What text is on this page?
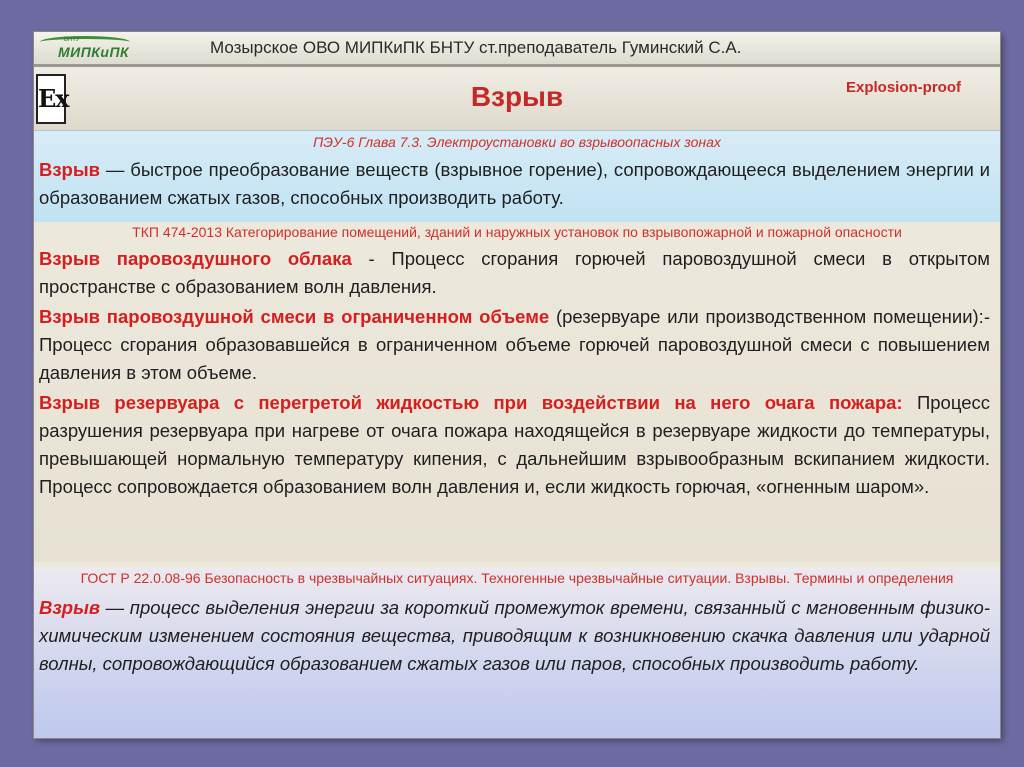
БНТУ
МИПКиПК	Мозырское ОВО МИПКиПК БНТУ ст.преподаватель Гуминский С.А.
Ex	Взрыв	Explosion-proof
ПЭУ-6 Глава 7.3. Электроустановки во взрывоопасных зонах
Взрыв — быстрое преобразование веществ (взрывное горение), сопровождающееся выделением энергии и образованием сжатых газов, способных производить работу.
ТКП 474-2013 Категорирование помещений, зданий и наружных установок по взрывопожарной и пожарной опасности

Взрыв паровоздушного облака - Процесс сгорания горючей паровоздушной смеси в открытом пространстве с образованием волн давления.

Взрыв паровоздушной смеси в ограниченном объеме (резервуаре или производственном помещении):-Процесс сгорания образовавшейся в ограниченном объеме горючей паровоздушной смеси с повышением давления в этом объеме.

Взрыв резервуара с перегретой жидкостью при воздействии на него очага пожара: Процесс разрушения резервуара при нагреве от очага пожара находящейся в резервуаре жидкости до температуры, превышающей нормальную температуру кипения, с дальнейшим взрывообразным вскипанием жидкости. Процесс сопровождается образованием волн давления и, если жидкость горючая, «огненным шаром».

ГОСТ Р 22.0.08-96 Безопасность в чрезвычайных ситуациях. Техногенные чрезвычайные ситуации. Взрывы. Термины и определения
Взрыв — процесс выделения энергии за короткий промежуток времени, связанный с мгновенным физико-химическим изменением состояния вещества, приводящим к возникновению скачка давления или ударной волны, сопровождающийся образованием сжатых газов или паров, способных производить работу.
